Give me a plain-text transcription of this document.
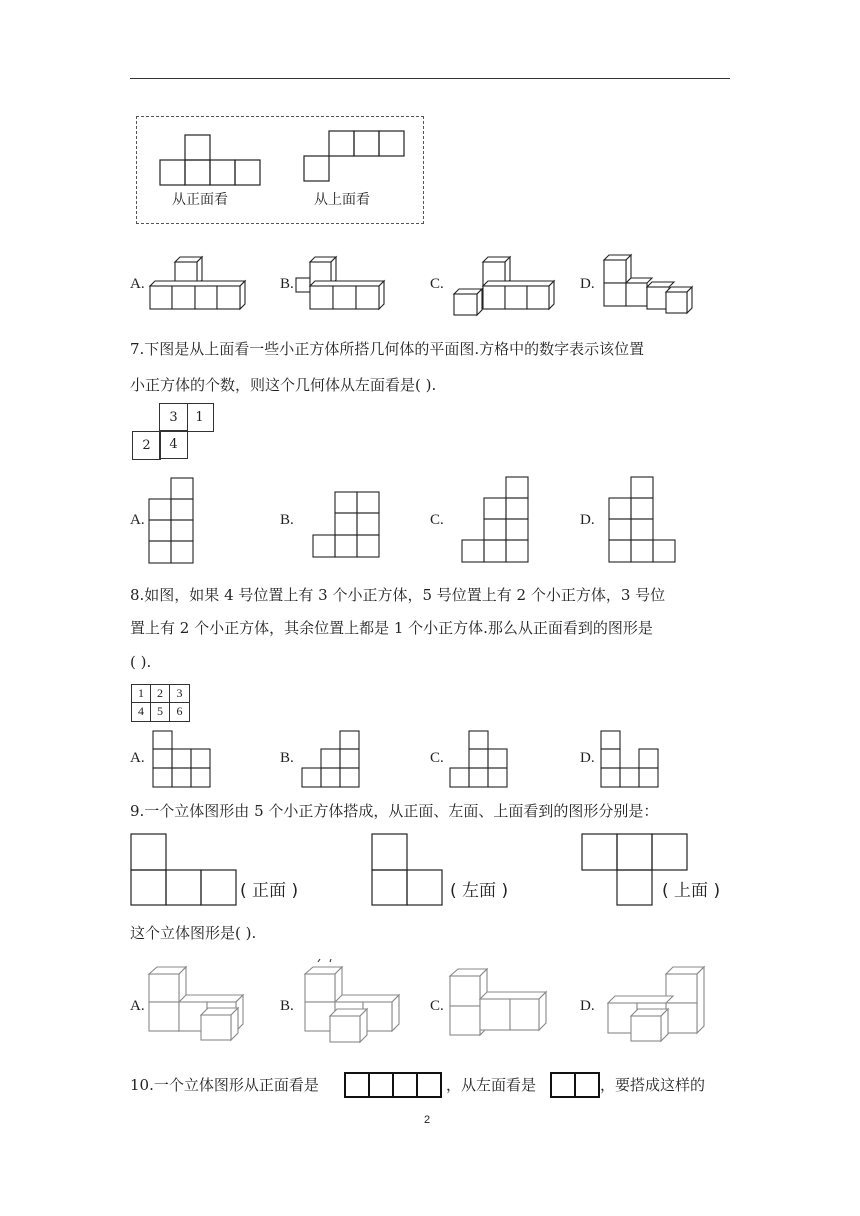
从正面看	从上面看
A.	B.	C.	D.
7.下图是从上面看一些小正方体所搭几何体的平面图.方格中的数字表示该位置
小正方体的个数，则这个几何体从左面看是( ).
3	1
2	4
A.	B.	C.	D.
8.如图，如果 4 号位置上有 3 个小正方体，5 号位置上有 2 个小正方体，3 号位
置上有 2 个小正方体，其余位置上都是 1 个小正方体.那么从正面看到的图形是
( ).
1	2	3
4	5	6
A.	B.	C.	D.
9.一个立体图形由 5 个小正方体搭成，从正面、左面、上面看到的图形分别是：
( 正面 )	( 左面 )	( 上面 )
这个立体图形是( ).
A.	B.	C.	D.
10.一个立体图形从正面看是	，从左面看是	，要搭成这样的
2
